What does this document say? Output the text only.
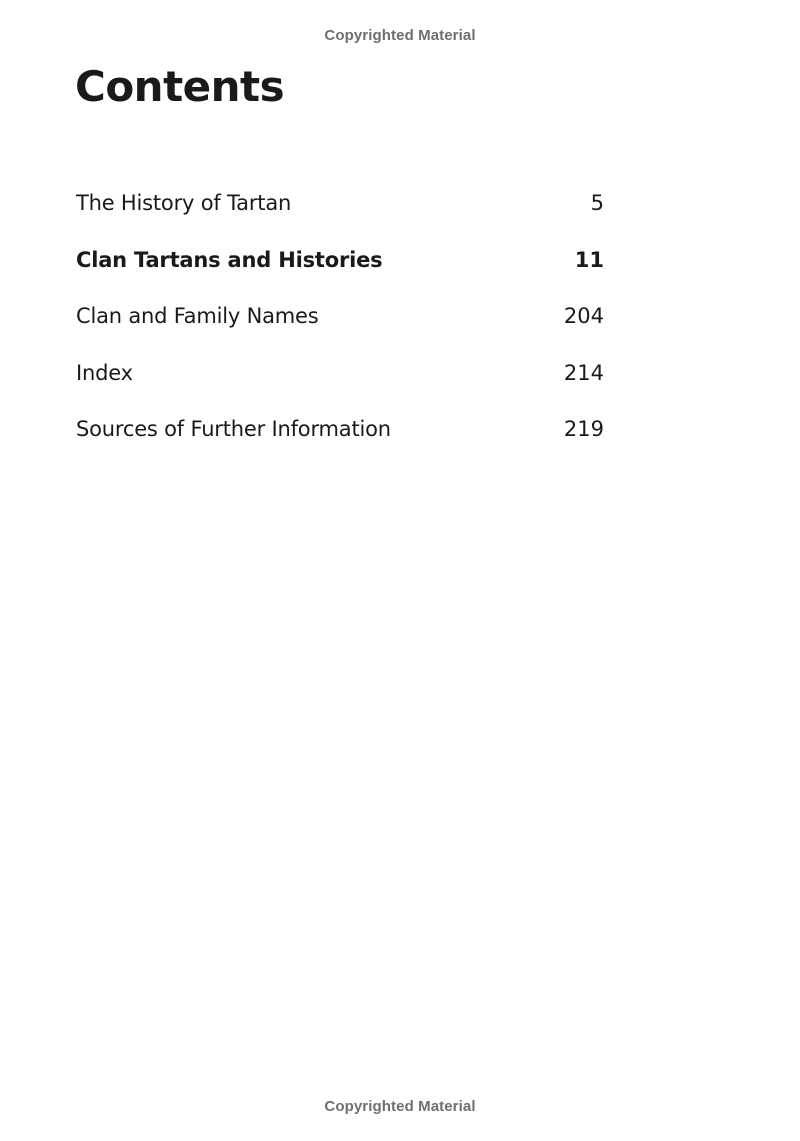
Copyrighted Material
Contents
The History of Tartan	5
Clan Tartans and Histories	11
Clan and Family Names	204
Index	214
Sources of Further Information	219
Copyrighted Material
